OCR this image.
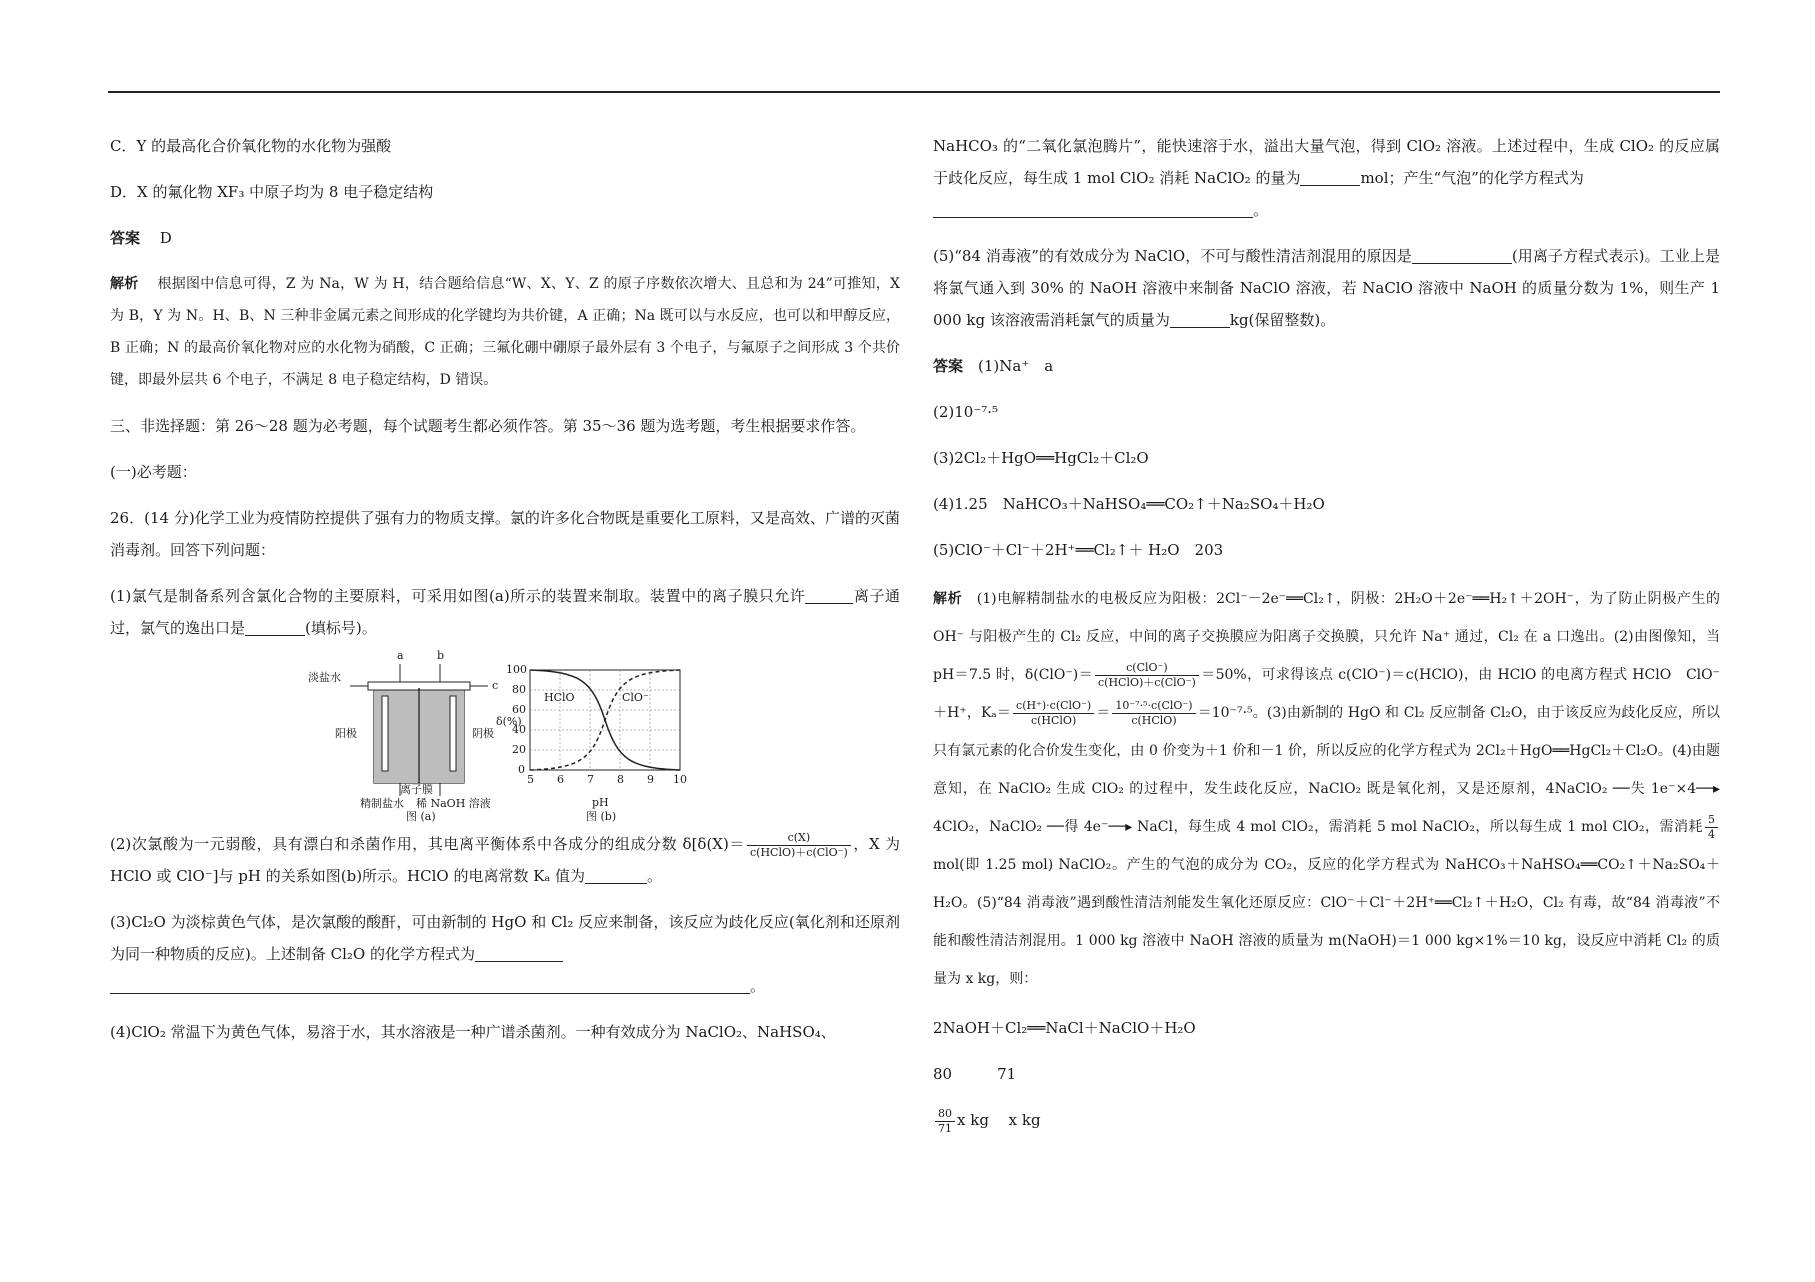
C．Y 的最高化合价氧化物的水化物为强酸

D．X 的氟化物 XF₃ 中原子均为 8 电子稳定结构

答案　 D

解析　 根据图中信息可得，Z 为 Na，W 为 H，结合题给信息“W、X、Y、Z 的原子序数依次增大、且总和为 24”可推知，X 为 B，Y 为 N。H、B、N 三种非金属元素之间形成的化学键均为共价键，A 正确；Na 既可以与水反应，也可以和甲醇反应，B 正确；N 的最高价氧化物对应的水化物为硝酸，C 正确；三氟化硼中硼原子最外层有 3 个电子，与氟原子之间形成 3 个共价键，即最外层共 6 个电子，不满足 8 电子稳定结构，D 错误。

三、非选择题：第 26～28 题为必考题，每个试题考生都必须作答。第 35～36 题为选考题，考生根据要求作答。

(一)必考题：

26．(14 分)化学工业为疫情防控提供了强有力的物质支撑。氯的许多化合物既是重要化工原料，又是高效、广谱的灭菌消毒剂。回答下列问题：

(1)氯气是制备系列含氯化合物的主要原料，可采用如图(a)所示的装置来制取。装置中的离子膜只允许	离子通过，氯气的逸出口是	(填标号)。

a	b
c
淡盐水
阳极	阴极
离子膜
精制盐水 稀 NaOH 溶液
图 (a)	图 (b)
pH
δ(%)
HClO	ClO⁻
100
80
60
40
20
0
5 6 7 8 9 10

(2)次氯酸为一元弱酸，具有漂白和杀菌作用，其电离平衡体系中各成分的组成分数 $\delta[\delta(X)= \frac{c(X)}{\text{c(HClO)＋c(ClO⁻)}}$ ，X 为 HClO 或 ClO⁻]与 pH 的关系如图(b)所示。HClO 的电离常数 Kₐ 值为	。

(3)Cl₂O 为淡棕黄色气体，是次氯酸的酸酐，可由新制的 HgO 和 Cl₂ 反应来制备，该反应为歧化反应(氧化剂和还原剂为同一种物质的反应)。上述制备 Cl₂O 的化学方程式为
。

(4)ClO₂ 常温下为黄色气体，易溶于水，其水溶液是一种广谱杀菌剂。一种有效成分为 NaClO₂、NaHSO₄、

NaHCO₃ 的“二氧化氯泡腾片”，能快速溶于水，溢出大量气泡，得到 ClO₂ 溶液。上述过程中，生成 ClO₂ 的反应属于歧化反应，每生成 1 mol ClO₂ 消耗 NaClO₂ 的量为	mol；产生“气泡”的化学方程式为
。

(5)“84 消毒液”的有效成分为 NaClO，不可与酸性清洁剂混用的原因是	(用离子方程式表示)。工业上是将氯气通入到 30% 的 NaOH 溶液中来制备 NaClO 溶液，若 NaClO 溶液中 NaOH 的质量分数为 1%，则生产 1 000 kg 该溶液需消耗氯气的质量为	kg(保留整数)。

答案　 (1)Na⁺　a

(2)10⁻⁷·⁵

(3)2Cl₂＋HgO══HgCl₂＋Cl₂O

(4)1.25　NaHCO₃＋NaHSO₄══CO₂↑＋Na₂SO₄＋H₂O

(5)ClO⁻＋Cl⁻＋2H⁺══Cl₂↑＋ H₂O　203

解析　 (1)电解精制盐水的电极反应为阳极：2Cl⁻－2e⁻══Cl₂↑，阴极：2H₂O＋2e⁻══H₂↑＋2OH⁻，为了防止阴极产生的 OH⁻ 与阳极产生的 Cl₂ 反应，中间的离子交换膜应为阳离子交换膜，只允许 Na⁺ 通过，Cl₂ 在 a 口逸出。(2)由图像知，当 pH＝7.5 时，$\delta(ClO^-)= \frac{\text{c(ClO⁻)}}{\text{c(HClO)＋c(ClO⁻)}} =50\%$，可求得该点 c(ClO⁻)＝c(HClO)，由 HClO 的电离方程式 HClO　ClO⁻＋H⁺，$K_a= \frac{\text{c(H⁺)·c(ClO⁻)}}{\text{c(HClO)}} = \frac{\text{10⁻⁷·⁵·c(ClO⁻)}}{\text{c(HClO)}} =10^{-7}\cdot^5$。(3)由新制的 HgO 和 Cl₂ 反应制备 Cl₂O，由于该反应为歧化反应，所以只有氯元素的化合价发生变化，由 0 价变为＋1 价和－1 价，所以反应的化学方程式为 2Cl₂＋HgO══HgCl₂＋Cl₂O。(4)由题意知，在 NaClO₂ 生成 ClO₂ 的过程中，发生歧化反应，NaClO₂ 既是氧化剂，又是还原剂，4NaClO₂ ──失 1e⁻×4──▸ 4ClO₂，NaClO₂ ──得 4e⁻──▸ NaCl，每生成 4 mol ClO₂，需消耗 5 mol NaClO₂，所以每生成 1 mol ClO₂，需消耗 $\frac{5}{4}$
mol(即 1.25 mol) NaClO₂。产生的气泡的成分为 CO₂，反应的化学方程式为 NaHCO₃＋NaHSO₄══CO₂↑＋Na₂SO₄＋H₂O。(5)“84 消毒液”遇到酸性清洁剂能发生氧化还原反应：ClO⁻＋Cl⁻＋2H⁺══Cl₂↑＋H₂O，Cl₂ 有毒，故“84 消毒液”不能和酸性清洁剂混用。1 000 kg 溶液中 NaOH 溶液的质量为 m(NaOH)＝1 000 kg×1%＝10 kg，设反应中消耗 Cl₂ 的质量为 x kg，则：

2NaOH＋Cl₂══NaCl＋NaClO＋H₂O

80　　　71

$\frac{80}{71}$ x kg　 x kg
